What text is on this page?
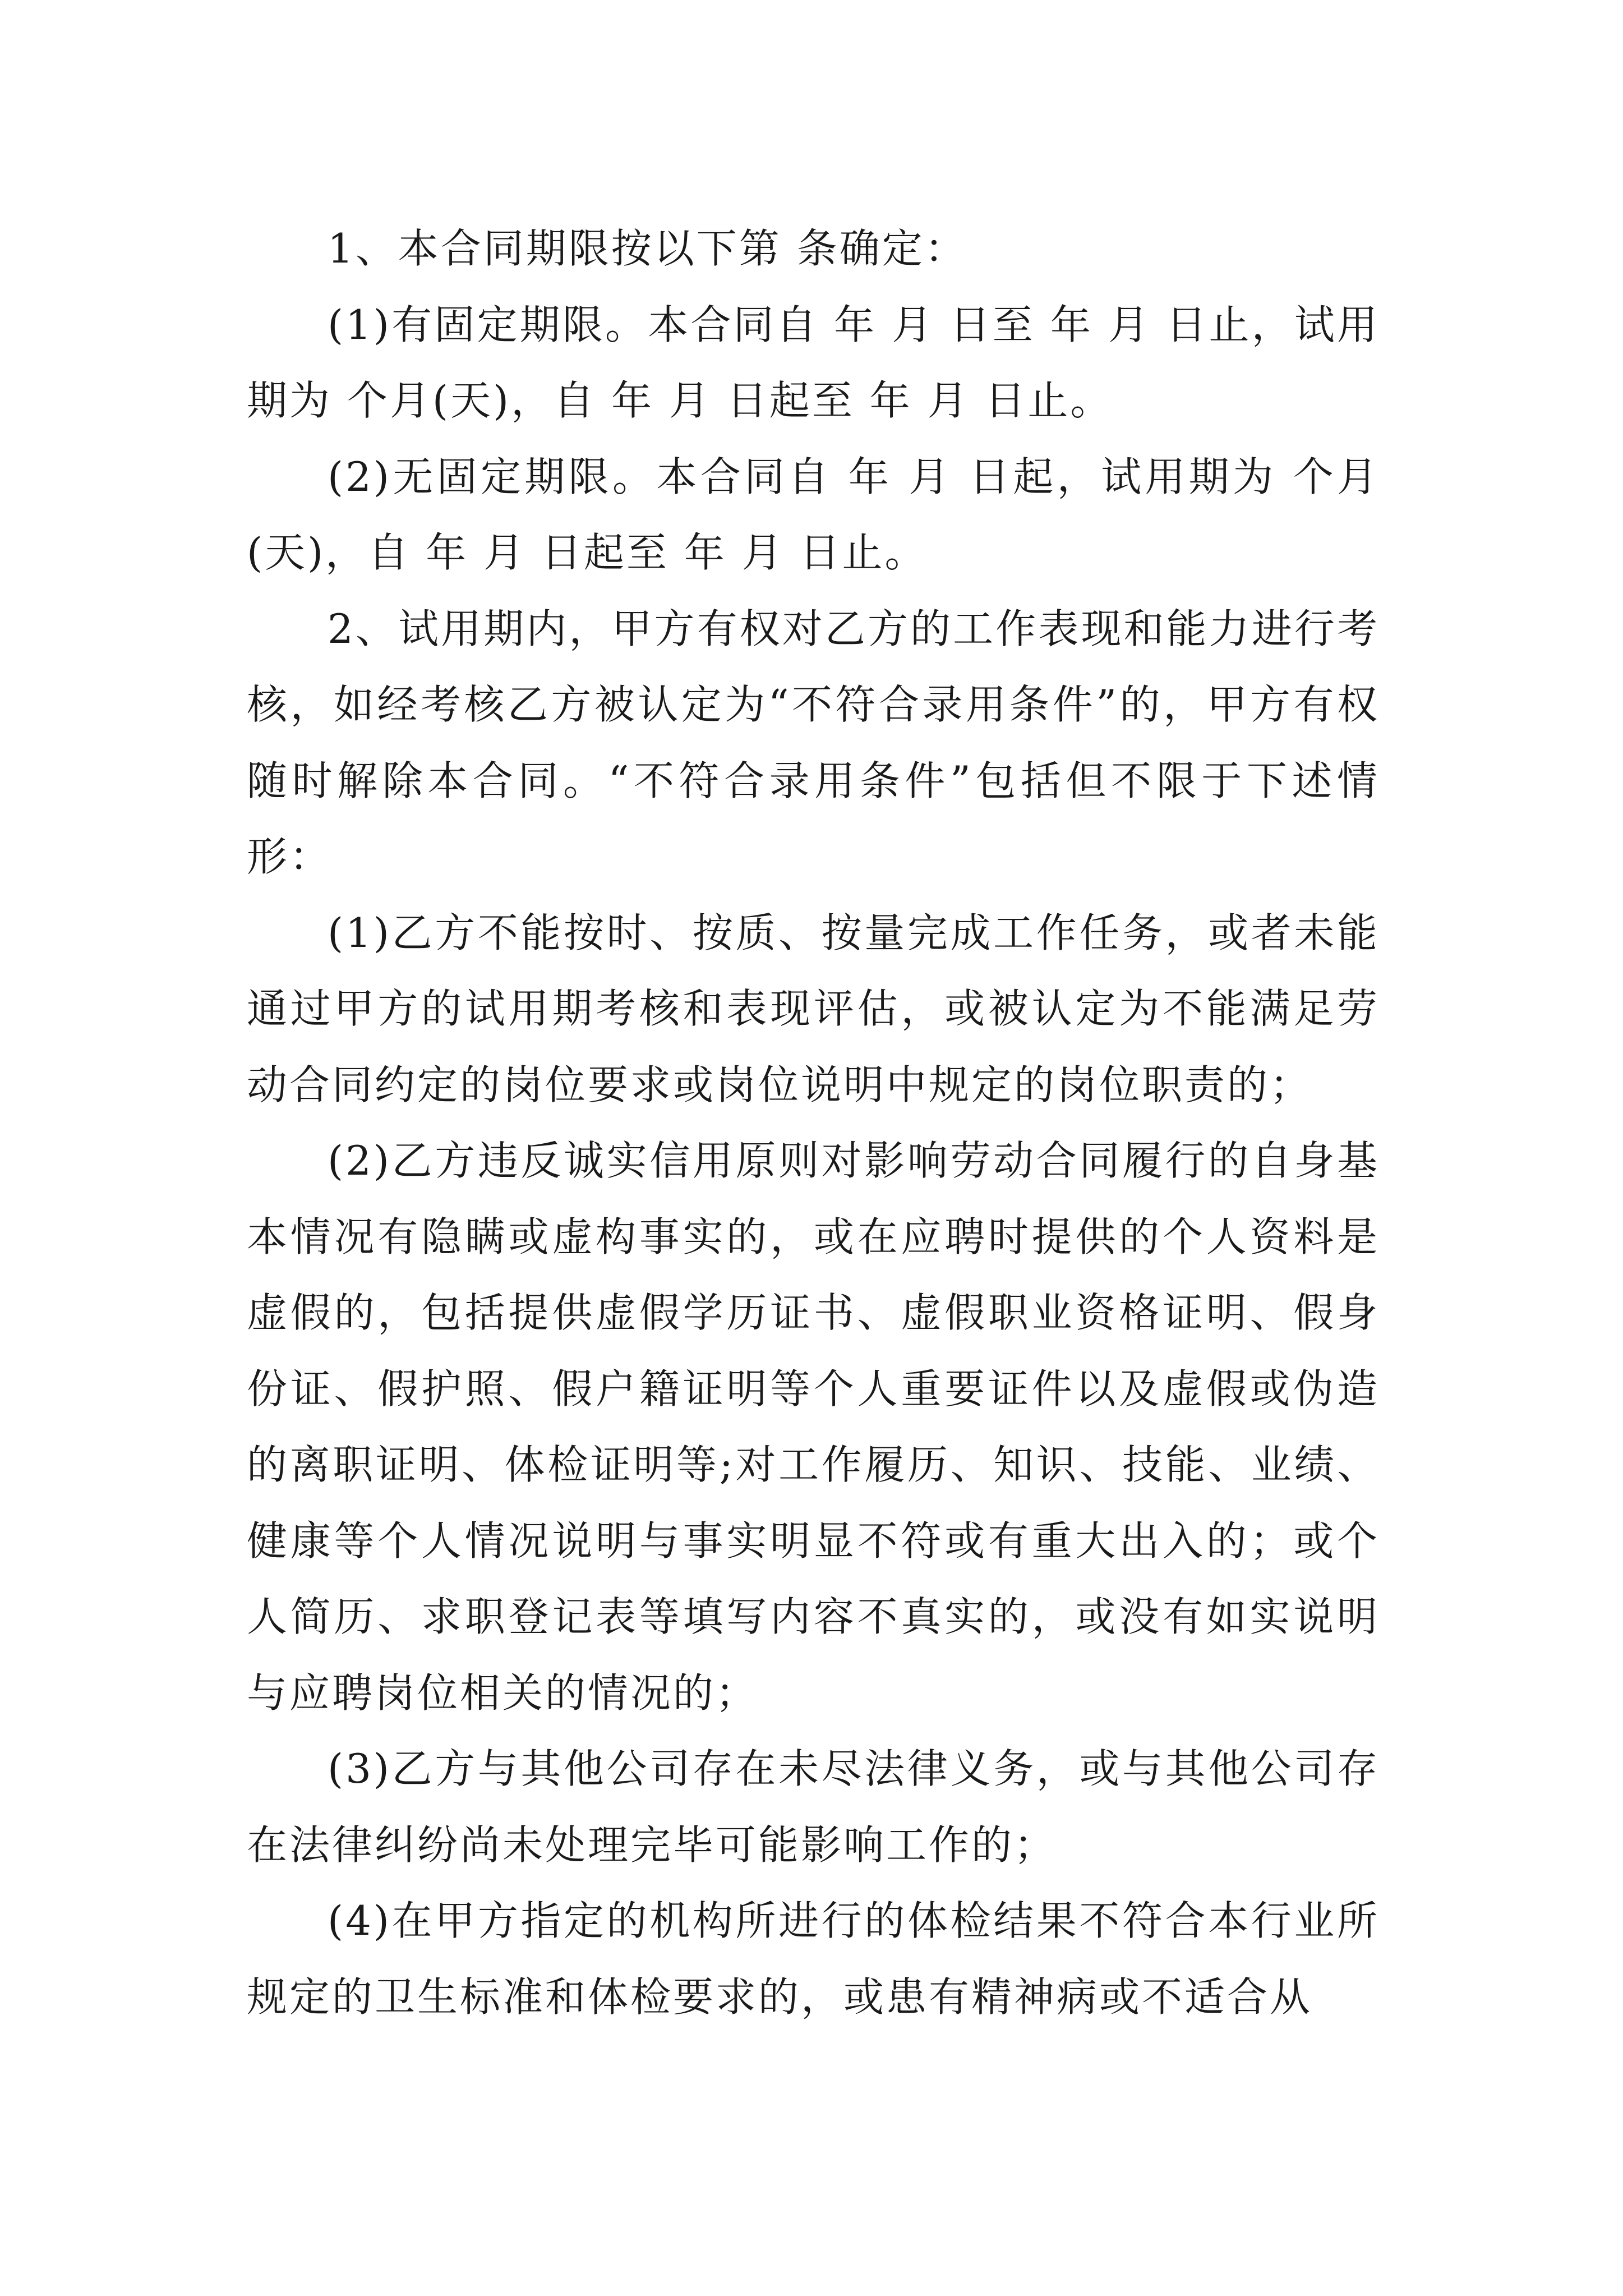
1、本合同期限按以下第 条确定：

(1)有固定期限。本合同自 年 月 日至 年 月 日止，试用期为 个月(天)，自 年 月 日起至 年 月 日止。

(2)无固定期限。本合同自 年 月 日起，试用期为 个月(天)，自 年 月 日起至 年 月 日止。

2、试用期内，甲方有权对乙方的工作表现和能力进行考核，如经考核乙方被认定为“不符合录用条件”的，甲方有权随时解除本合同。“不符合录用条件”包括但不限于下述情形：

(1)乙方不能按时、按质、按量完成工作任务，或者未能通过甲方的试用期考核和表现评估，或被认定为不能满足劳动合同约定的岗位要求或岗位说明中规定的岗位职责的；

(2)乙方违反诚实信用原则对影响劳动合同履行的自身基本情况有隐瞒或虚构事实的，或在应聘时提供的个人资料是虚假的，包括提供虚假学历证书、虚假职业资格证明、假身份证、假护照、假户籍证明等个人重要证件以及虚假或伪造的离职证明、体检证明等;对工作履历、知识、技能、业绩、健康等个人情况说明与事实明显不符或有重大出入的；或个人简历、求职登记表等填写内容不真实的，或没有如实说明与应聘岗位相关的情况的；

(3)乙方与其他公司存在未尽法律义务，或与其他公司存在法律纠纷尚未处理完毕可能影响工作的；

(4)在甲方指定的机构所进行的体检结果不符合本行业所规定的卫生标准和体检要求的，或患有精神病或不适合从
